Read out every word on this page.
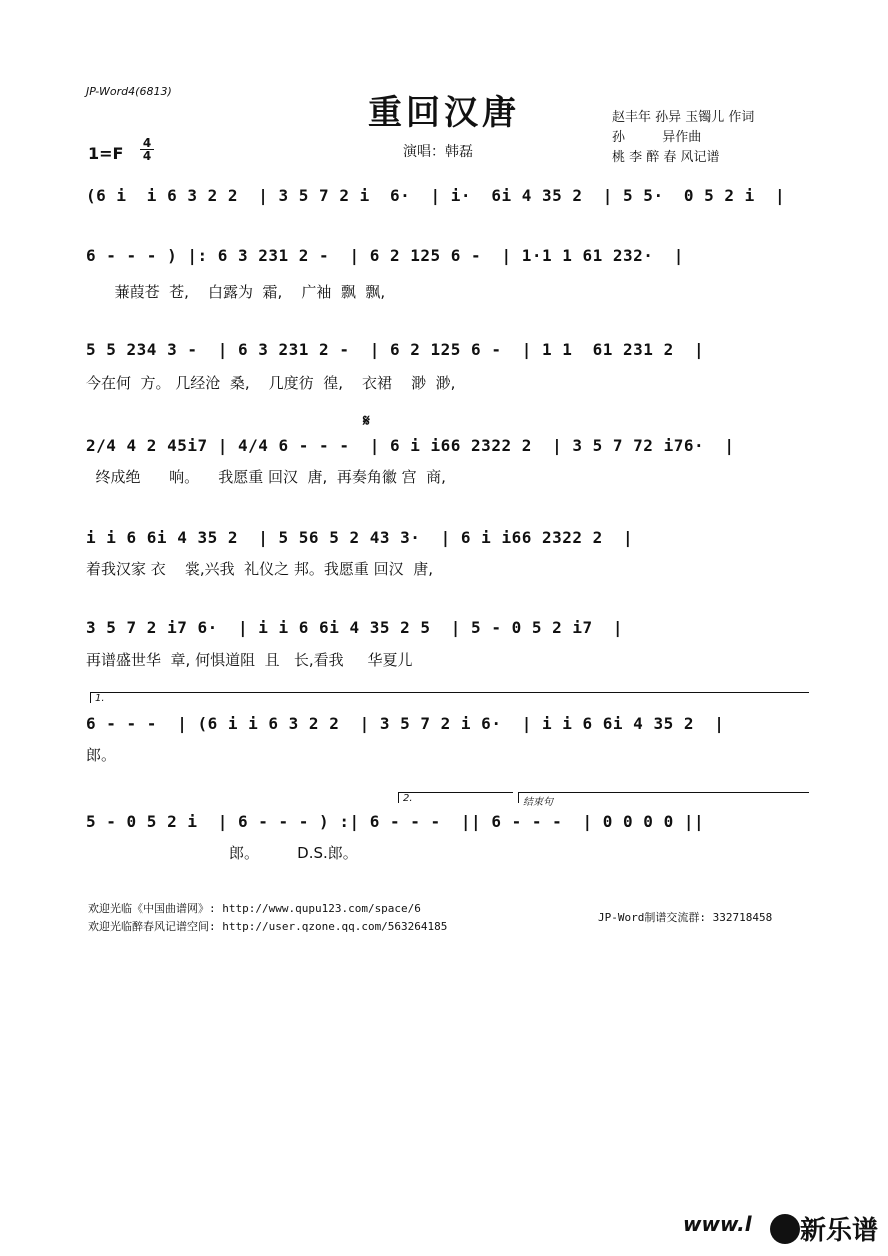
JP-Word4(6813)
重回汉唐	赵丰年 孙异 玉镯儿 作词
孙         异作曲
桃 李 醉 春 风记谱
演唱：韩磊
1=F
4
4
(6 i  i 6 3 2 2  | 3 5 7 2 i  6·  | i·  6i 4 35 2  | 5 5·  0 5 2 i  |
6 - - - ) |: 6 3 231 2 -  | 6 2 125 6 -  | 1·1 1 61 232·  |
蒹葭苍  苍,    白露为  霜,    广袖  飘  飘,
5 5 234 3 -  | 6 3 231 2 -  | 6 2 125 6 -  | 1 1  61 231 2  |
今在何  方。 几经沧  桑,    几度彷  徨,    衣裙    渺  渺,
𝄋
2/4 4 2 45i7 | 4/4 6 - - -  | 6 i i66 2322 2  | 3 5 7 72 i76·  |
终成绝      响。    我愿重 回汉  唐,  再奏角徽 宫  商,
i i 6 6i 4 35 2  | 5 56 5 2 43 3·  | 6 i i66 2322 2  |
着我汉家 衣    裳,兴我  礼仪之 邦。我愿重 回汉  唐,
3 5 7 2 i7 6·  | i i 6 6i 4 35 2 5  | 5 - 0 5 2 i7  |
再谱盛世华  章, 何惧道阻  且   长,看我     华夏儿
1.
6 - - -  | (6 i i 6 3 2 2  | 3 5 7 2 i 6·  | i i 6 6i 4 35 2  |
郎。
2.	结束句
5 - 0 5 2 i  | 6 - - - ) :| 6 - - -  || 6 - - -  | 0 0 0 0 ||
郎。        D.S.郎。
欢迎光临《中国曲谱网》: http://www.qupu123.com/space/6
欢迎光临醉春风记谱空间: http://user.qzone.qq.com/563264185
JP-Word制谱交流群: 332718458
www.l 新乐谱
